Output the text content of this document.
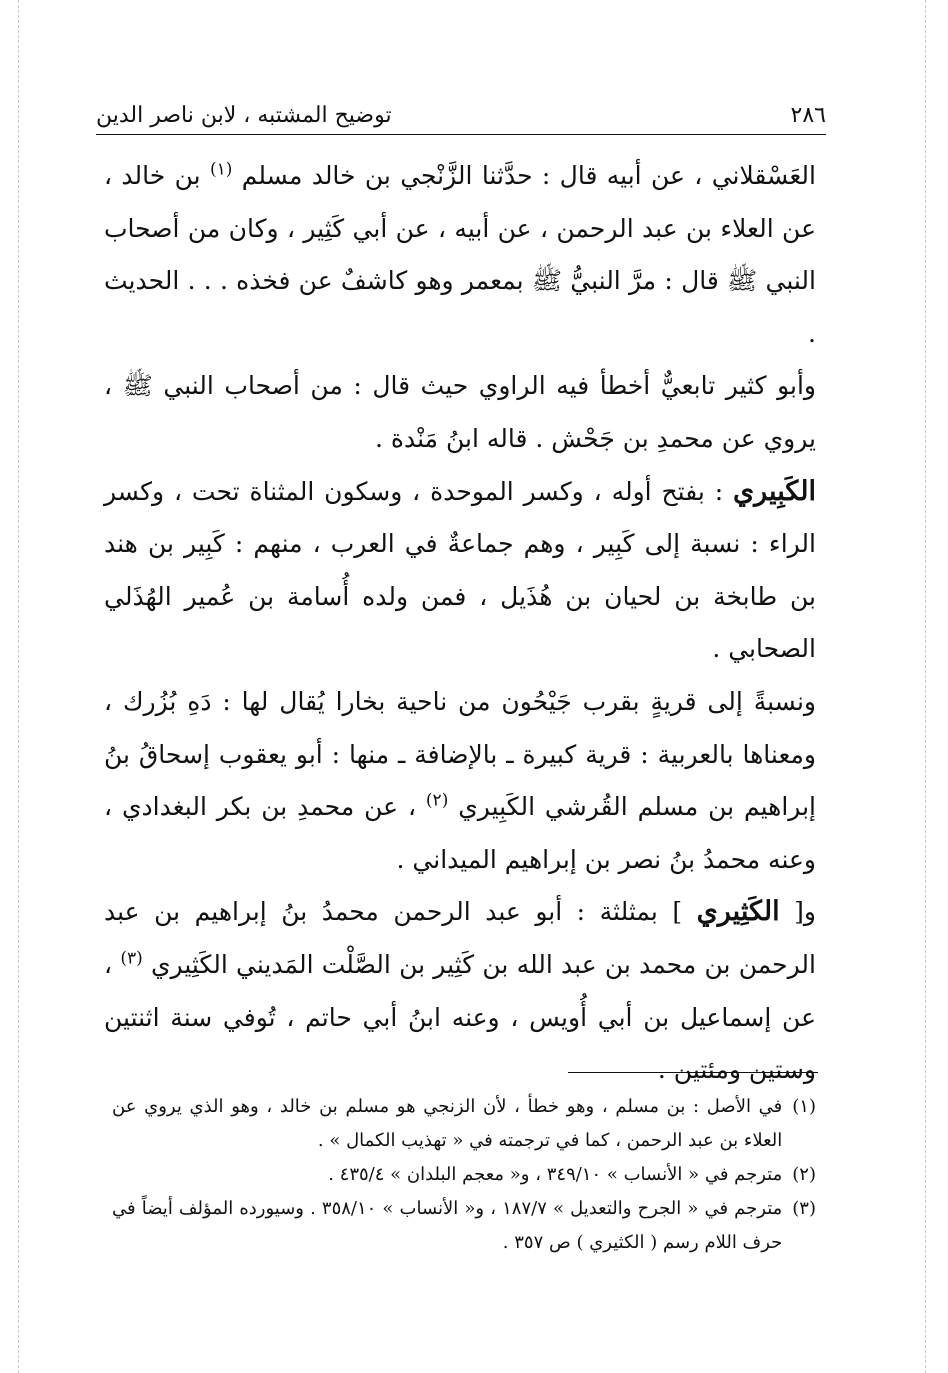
٢٨٦
توضيح المشتبه ، لابن ناصر الدين

العَسْقلاني ، عن أبيه قال : حدَّثنا الزَّنْجي بن خالد مسلم $^{(١)}$ بن خالد ، عن العلاء بن عبد الرحمن ، عن أبيه ، عن أبي كَثِير ، وكان من أصحاب النبي ﷺ قال : مرَّ النبيُّ ﷺ بمعمر وهو كاشفٌ عن فخذه . . . الحديث .

وأبو كثير تابعيٌّ أخطأ فيه الراوي حيث قال : من أصحاب النبي ﷺ ، يروي عن محمدِ بن جَحْش . قاله ابنُ مَنْدة .

الكَبِيري : بفتح أوله ، وكسر الموحدة ، وسكون المثناة تحت ، وكسر الراء : نسبة إلى كَبِير ، وهم جماعةٌ في العرب ، منهم : كَبِير بن هند بن طابخة بن لحيان بن هُذَيل ، فمن ولده أُسامة بن عُمير الهُذَلي الصحابي .

ونسبةً إلى قريةٍ بقرب جَيْحُون من ناحية بخارا يُقال لها : دَهِ بُزُرك ، ومعناها بالعربية : قرية كبيرة ـ بالإضافة ـ منها : أبو يعقوب إسحاقُ بنُ إبراهيم بن مسلم القُرشي الكَبِيري $^{(٢)}$ ، عن محمدِ بن بكر البغدادي ، وعنه محمدُ بنُ نصر بن إبراهيم الميداني .

و[ الكَثِيري ] بمثلثة : أبو عبد الرحمن محمدُ بنُ إبراهيم بن عبد الرحمن بن محمد بن عبد الله بن كَثِير بن الصَّلْت المَديني الكَثِيري $^{(٣)}$ ، عن إسماعيل بن أبي أُويس ، وعنه ابنُ أبي حاتم ، تُوفي سنة اثنتين وستين ومئتين .

(١)
في الأصل : بن مسلم ، وهو خطأ ، لأن الزنجي هو مسلم بن خالد ، وهو الذي يروي عن العلاء بن عبد الرحمن ، كما في ترجمته في « تهذيب الكمال » .

(٢)
مترجم في « الأنساب » ٣٤٩/١٠ ، و« معجم البلدان » ٤٣٥/٤ .

(٣)
مترجم في « الجرح والتعديل » ١٨٧/٧ ، و« الأنساب » ٣٥٨/١٠ . وسيورده المؤلف أيضاً في حرف اللام رسم ( الكثيري ) ص ٣٥٧ .
